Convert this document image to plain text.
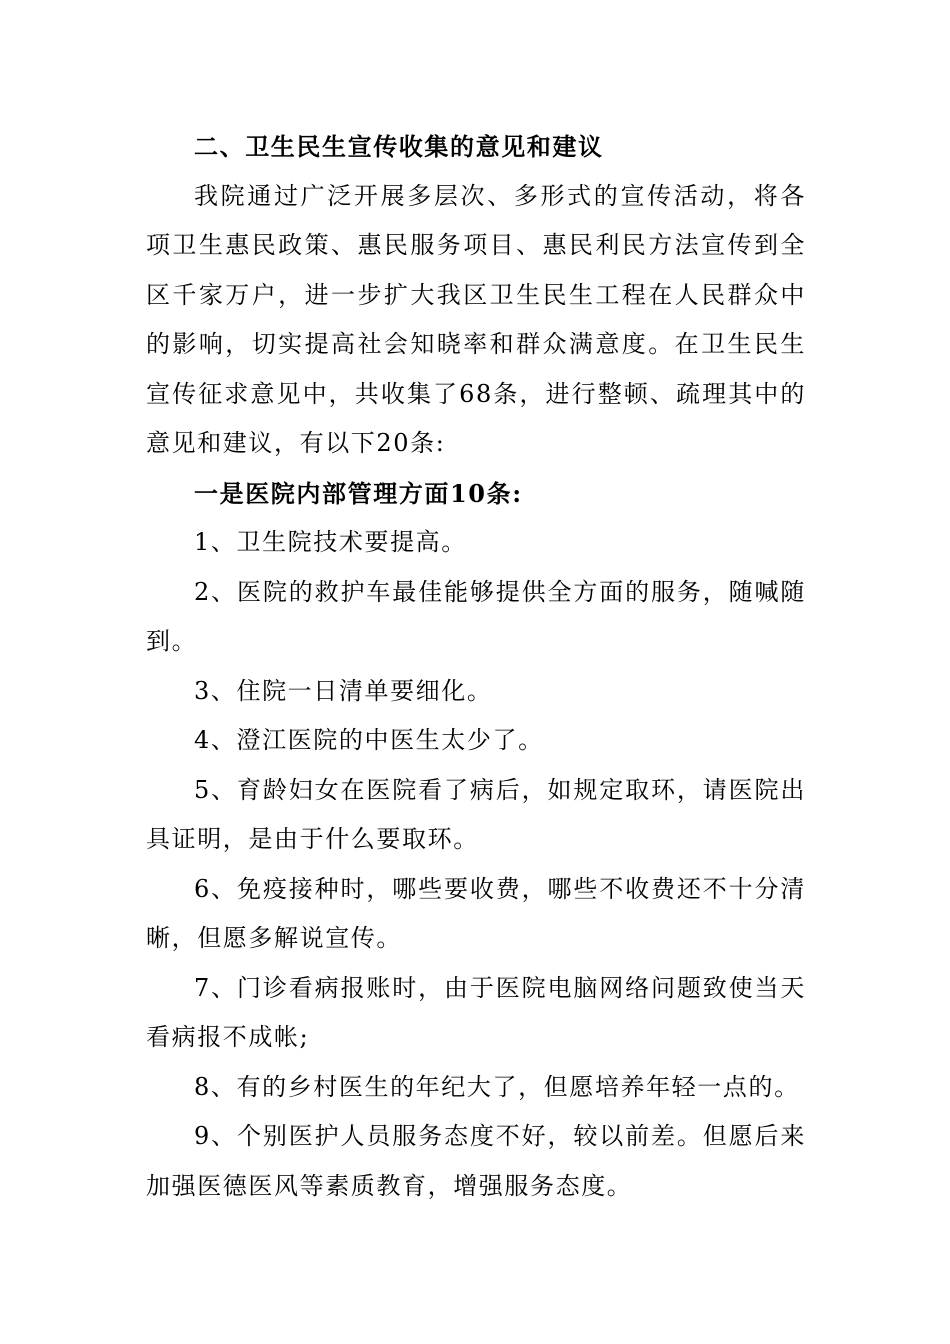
二、卫生民生宣传收集的意见和建议
我院通过广泛开展多层次、多形式的宣传活动，将各
项卫生惠民政策、惠民服务项目、惠民利民方法宣传到全
区千家万户，进一步扩大我区卫生民生工程在人民群众中
的影响，切实提高社会知晓率和群众满意度。在卫生民生
宣传征求意见中，共收集了68条，进行整顿、疏理其中的
意见和建议，有以下20条:
一是医院内部管理方面10条:
1、卫生院技术要提高。
2、医院的救护车最佳能够提供全方面的服务，随喊随
到。
3、住院一日清单要细化。
4、澄江医院的中医生太少了。
5、育龄妇女在医院看了病后，如规定取环，请医院出
具证明，是由于什么要取环。
6、免疫接种时，哪些要收费，哪些不收费还不十分清
晰，但愿多解说宣传。
7、门诊看病报账时，由于医院电脑网络问题致使当天
看病报不成帐;
8、有的乡村医生的年纪大了，但愿培养年轻一点的。
9、个别医护人员服务态度不好，较以前差。但愿后来
加强医德医风等素质教育，增强服务态度。
